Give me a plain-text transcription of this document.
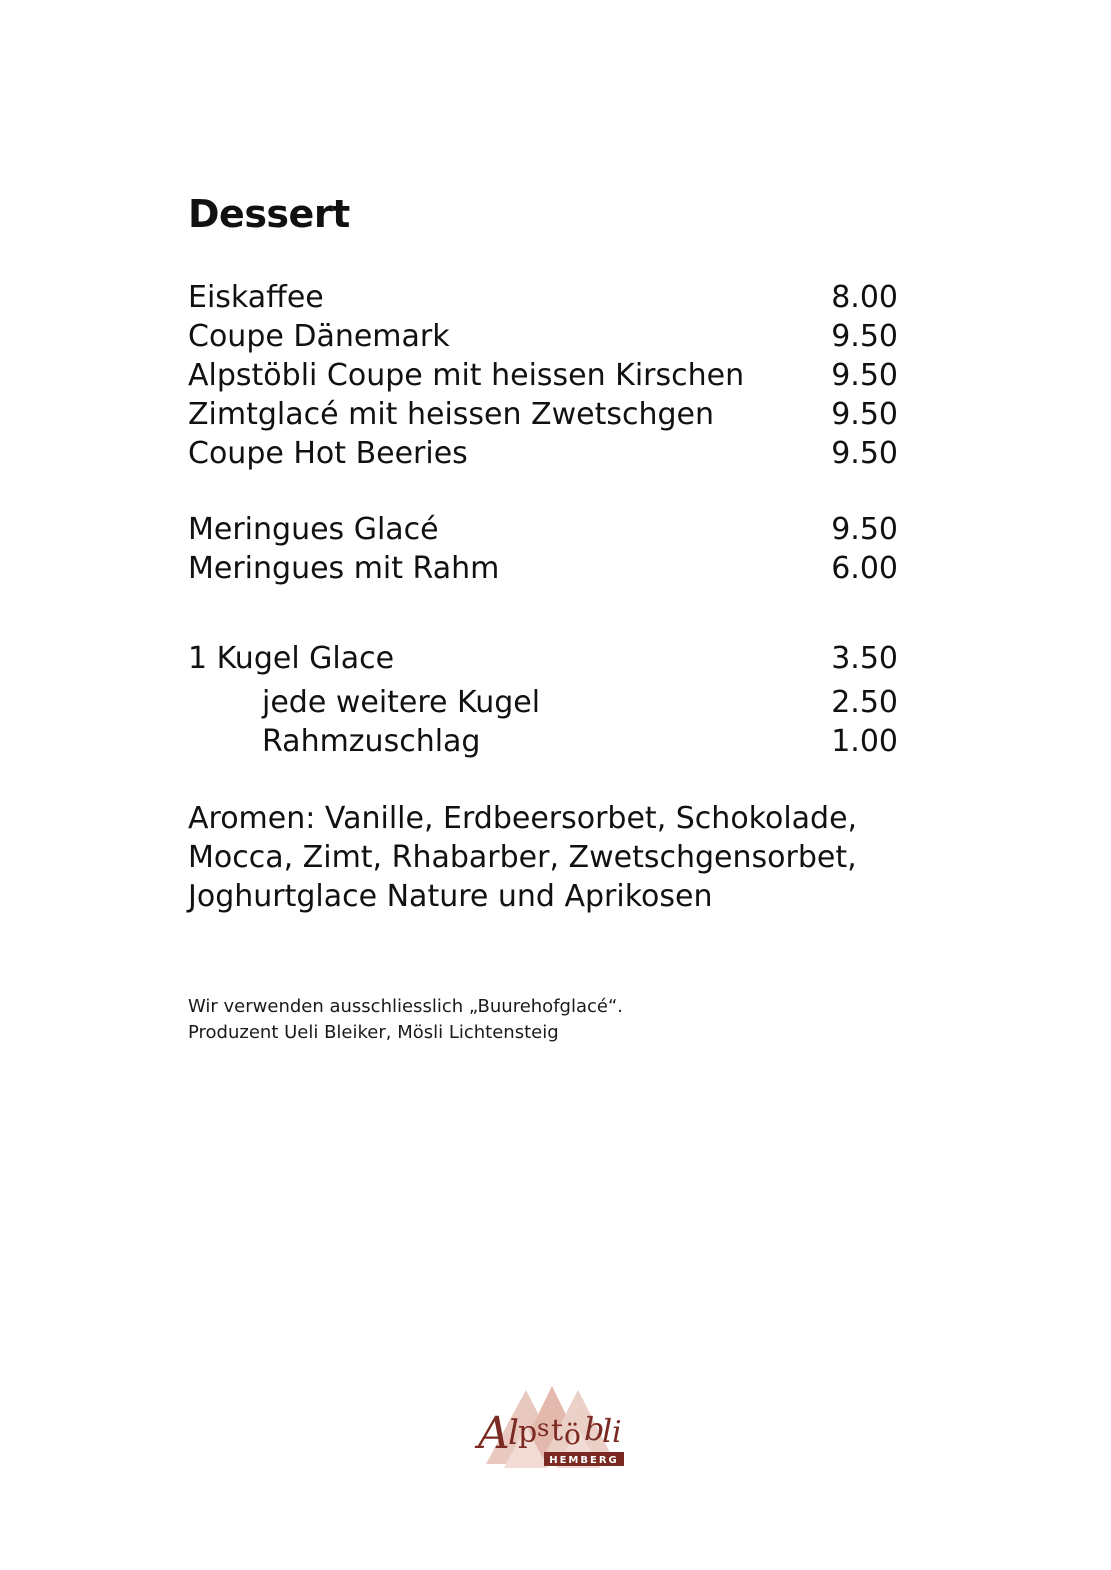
Dessert
Eiskaffee	8.00
Coupe Dänemark	9.50
Alpstöbli Coupe mit heissen Kirschen	9.50
Zimtglacé mit heissen Zwetschgen	9.50
Coupe Hot Beeries	9.50
Meringues Glacé	9.50
Meringues mit Rahm	6.00
1 Kugel Glace	3.50
jede weitere Kugel	2.50
Rahmzuschlag	1.00

Aromen: Vanille, Erdbeersorbet, Schokolade,
Mocca, Zimt, Rhabarber, Zwetschgensorbet,
Joghurtglace Nature und Aprikosen

Wir verwenden ausschliesslich „Buurehofglacé“.
Produzent Ueli Bleiker, Mösli Lichtensteig

A
l p s t ö b
l i
HEMBERG
